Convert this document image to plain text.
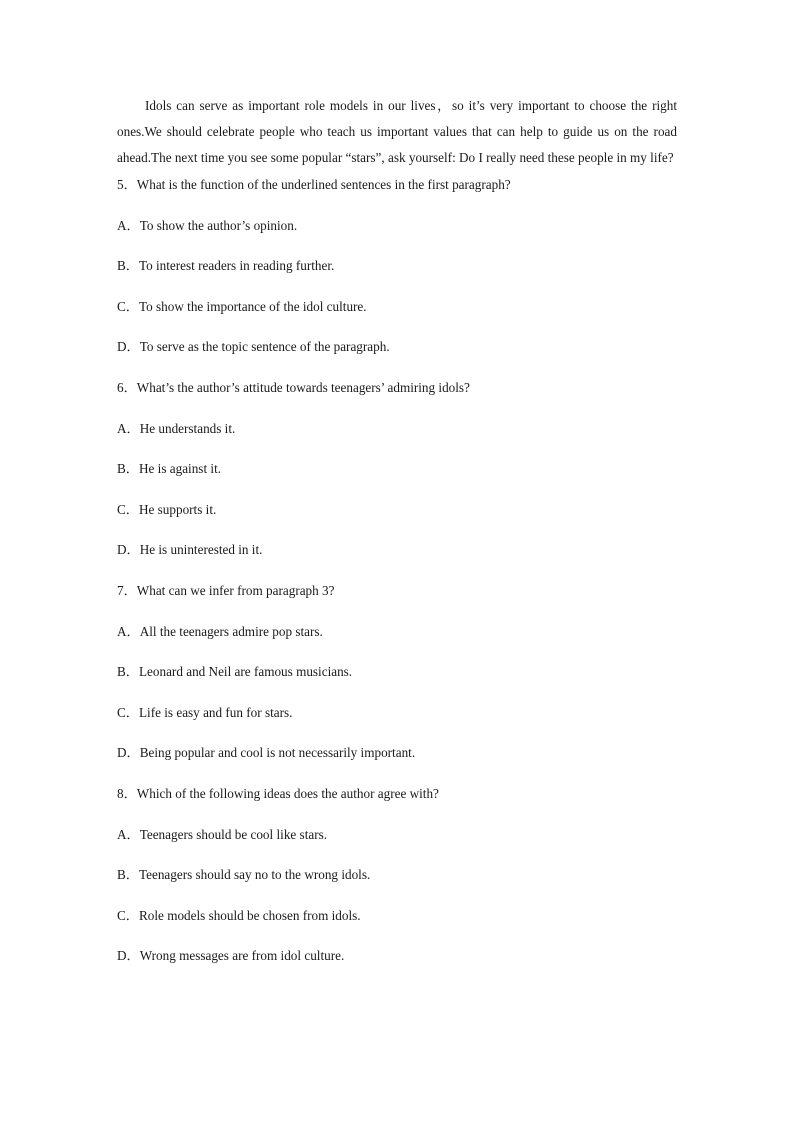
Idols can serve as important role models in our lives，so it’s very important to choose the right ones.We should celebrate people who teach us important values that can help to guide us on the road ahead.The next time you see some popular “stars”, ask yourself: Do I really need these people in my life?

5．What is the function of the underlined sentences in the first paragraph?

A．To show the author’s opinion.

B．To interest readers in reading further.

C．To show the importance of the idol culture.

D．To serve as the topic sentence of the paragraph.

6．What’s the author’s attitude towards teenagers’ admiring idols?

A．He understands it.

B．He is against it.

C．He supports it.

D．He is uninterested in it.

7．What can we infer from paragraph 3?

A．All the teenagers admire pop stars.

B．Leonard and Neil are famous musicians.

C．Life is easy and fun for stars.

D．Being popular and cool is not necessarily important.

8．Which of the following ideas does the author agree with?

A．Teenagers should be cool like stars.

B．Teenagers should say no to the wrong idols.

C．Role models should be chosen from idols.

D．Wrong messages are from idol culture.
